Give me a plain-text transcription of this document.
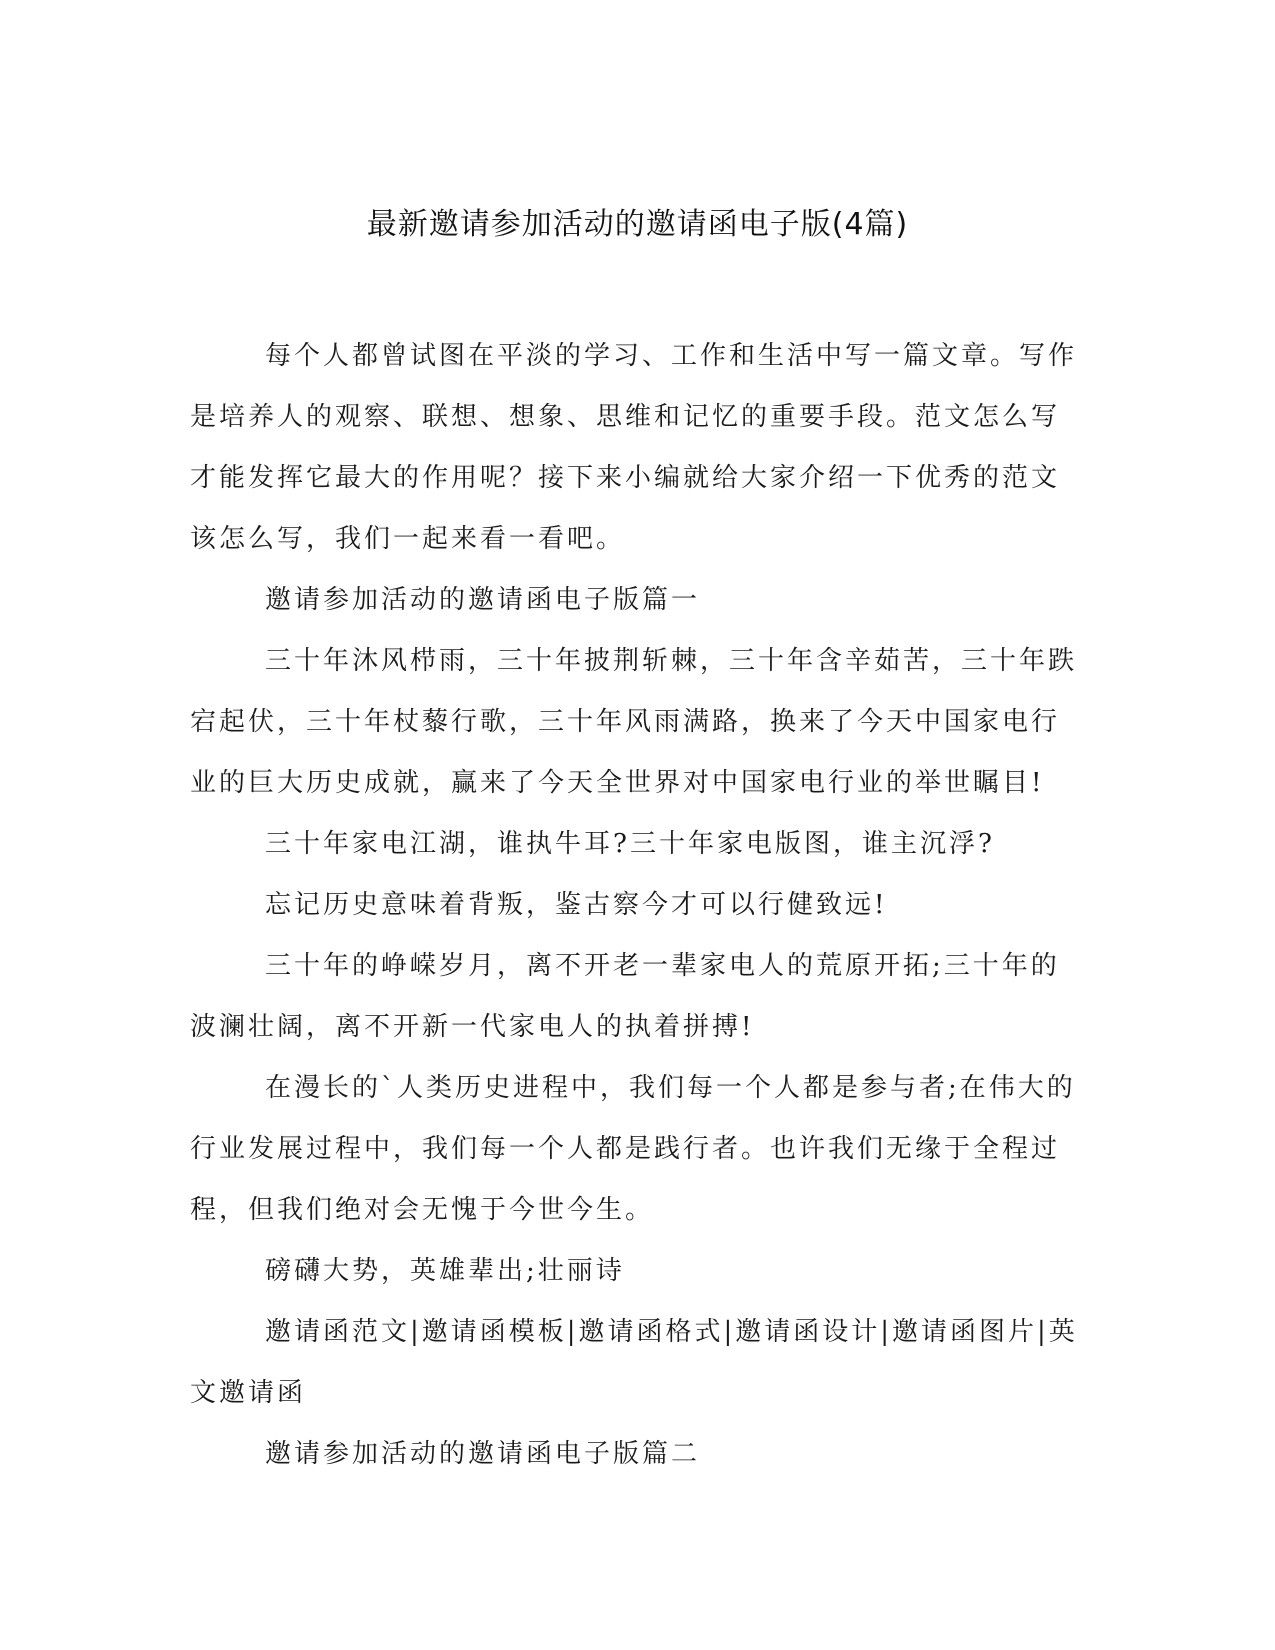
最新邀请参加活动的邀请函电子版(4篇)

每个人都曾试图在平淡的学习、工作和生活中写一篇文章。写作是培养人的观察、联想、想象、思维和记忆的重要手段。范文怎么写才能发挥它最大的作用呢？接下来小编就给大家介绍一下优秀的范文该怎么写，我们一起来看一看吧。

邀请参加活动的邀请函电子版篇一

三十年沐风栉雨，三十年披荆斩棘，三十年含辛茹苦，三十年跌宕起伏，三十年杖藜行歌，三十年风雨满路，换来了今天中国家电行业的巨大历史成就，赢来了今天全世界对中国家电行业的举世瞩目!

三十年家电江湖，谁执牛耳?三十年家电版图，谁主沉浮?

忘记历史意味着背叛，鉴古察今才可以行健致远!

三十年的峥嵘岁月，离不开老一辈家电人的荒原开拓;三十年的波澜壮阔，离不开新一代家电人的执着拼搏!

在漫长的`人类历史进程中，我们每一个人都是参与者;在伟大的行业发展过程中，我们每一个人都是践行者。也许我们无缘于全程过程，但我们绝对会无愧于今世今生。

磅礴大势，英雄辈出;壮丽诗

邀请函范文|邀请函模板|邀请函格式|邀请函设计|邀请函图片|英文邀请函

邀请参加活动的邀请函电子版篇二
